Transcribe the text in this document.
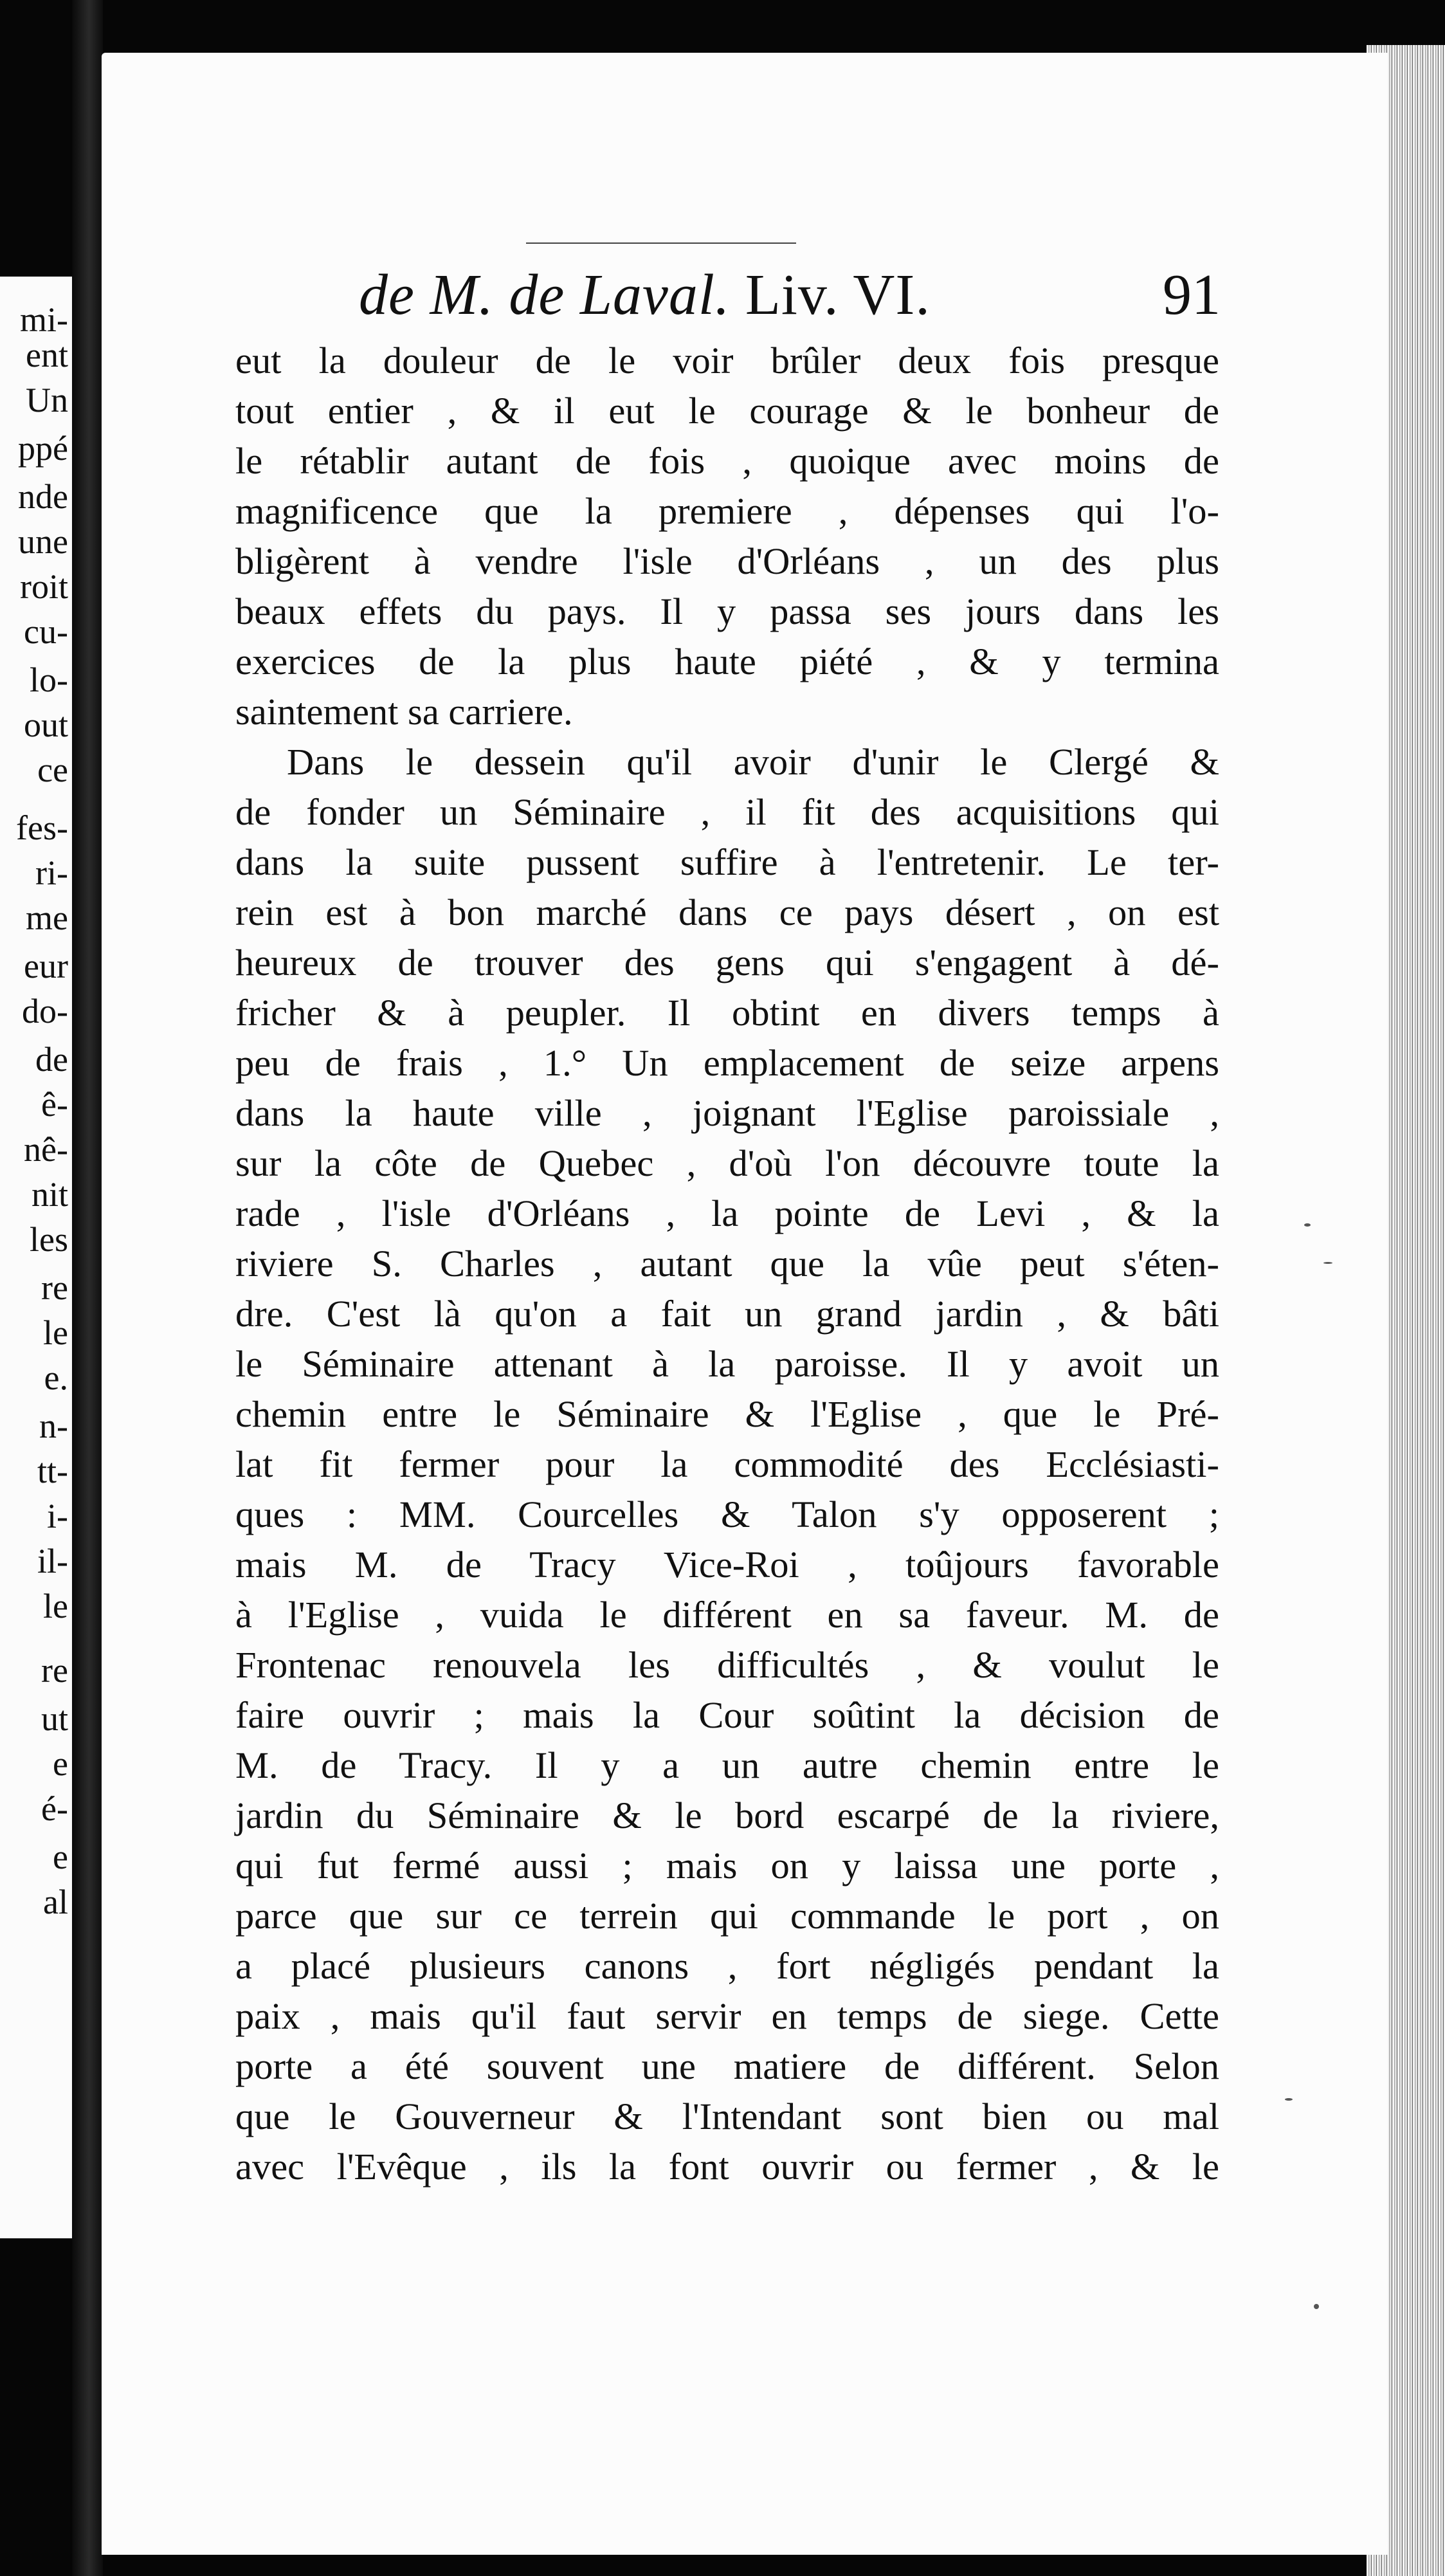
mi-
ent
Un
ppé
nde
une
roit
cu-
lo-
out
ce
fes-
ri-
me
eur
do-
de
ê-
nê-
nit
les
re
le
e.
n-
tt-
i-
il-
le
re
ut
e
é-
e
al
de M. de Laval. Liv. VI.	91
eut la douleur de le voir brûler deux fois presque
tout entier , & il eut le courage & le bonheur de
le rétablir autant de fois , quoique avec moins de
magnificence que la premiere , dépenses qui l'o-
bligèrent à vendre l'isle d'Orléans , un des plus
beaux effets du pays. Il y passa ses jours dans les
exercices de la plus haute piété , & y termina
saintement sa carriere.
Dans le dessein qu'il avoir d'unir le Clergé &
de fonder un Séminaire , il fit des acquisitions qui
dans la suite pussent suffire à l'entretenir. Le ter-
rein est à bon marché dans ce pays désert , on est
heureux de trouver des gens qui s'engagent à dé-
fricher & à peupler. Il obtint en divers temps à
peu de frais , 1.° Un emplacement de seize arpens
dans la haute ville , joignant l'Eglise paroissiale ,
sur la côte de Quebec , d'où l'on découvre toute la
rade , l'isle d'Orléans , la pointe de Levi , & la
riviere S. Charles , autant que la vûe peut s'éten-
dre. C'est là qu'on a fait un grand jardin , & bâti
le Séminaire attenant à la paroisse. Il y avoit un
chemin entre le Séminaire & l'Eglise , que le Pré-
lat fit fermer pour la commodité des Ecclésiasti-
ques : MM. Courcelles & Talon s'y opposerent ;
mais M. de Tracy Vice-Roi , toûjours favorable
à l'Eglise , vuida le différent en sa faveur. M. de
Frontenac renouvela les difficultés , & voulut le
faire ouvrir ; mais la Cour soûtint la décision de
M. de Tracy. Il y a un autre chemin entre le
jardin du Séminaire & le bord escarpé de la riviere,
qui fut fermé aussi ; mais on y laissa une porte ,
parce que sur ce terrein qui commande le port , on
a placé plusieurs canons , fort négligés pendant la
paix , mais qu'il faut servir en temps de siege. Cette
porte a été souvent une matiere de différent. Selon
que le Gouverneur & l'Intendant sont bien ou mal
avec l'Evêque , ils la font ouvrir ou fermer , & le
